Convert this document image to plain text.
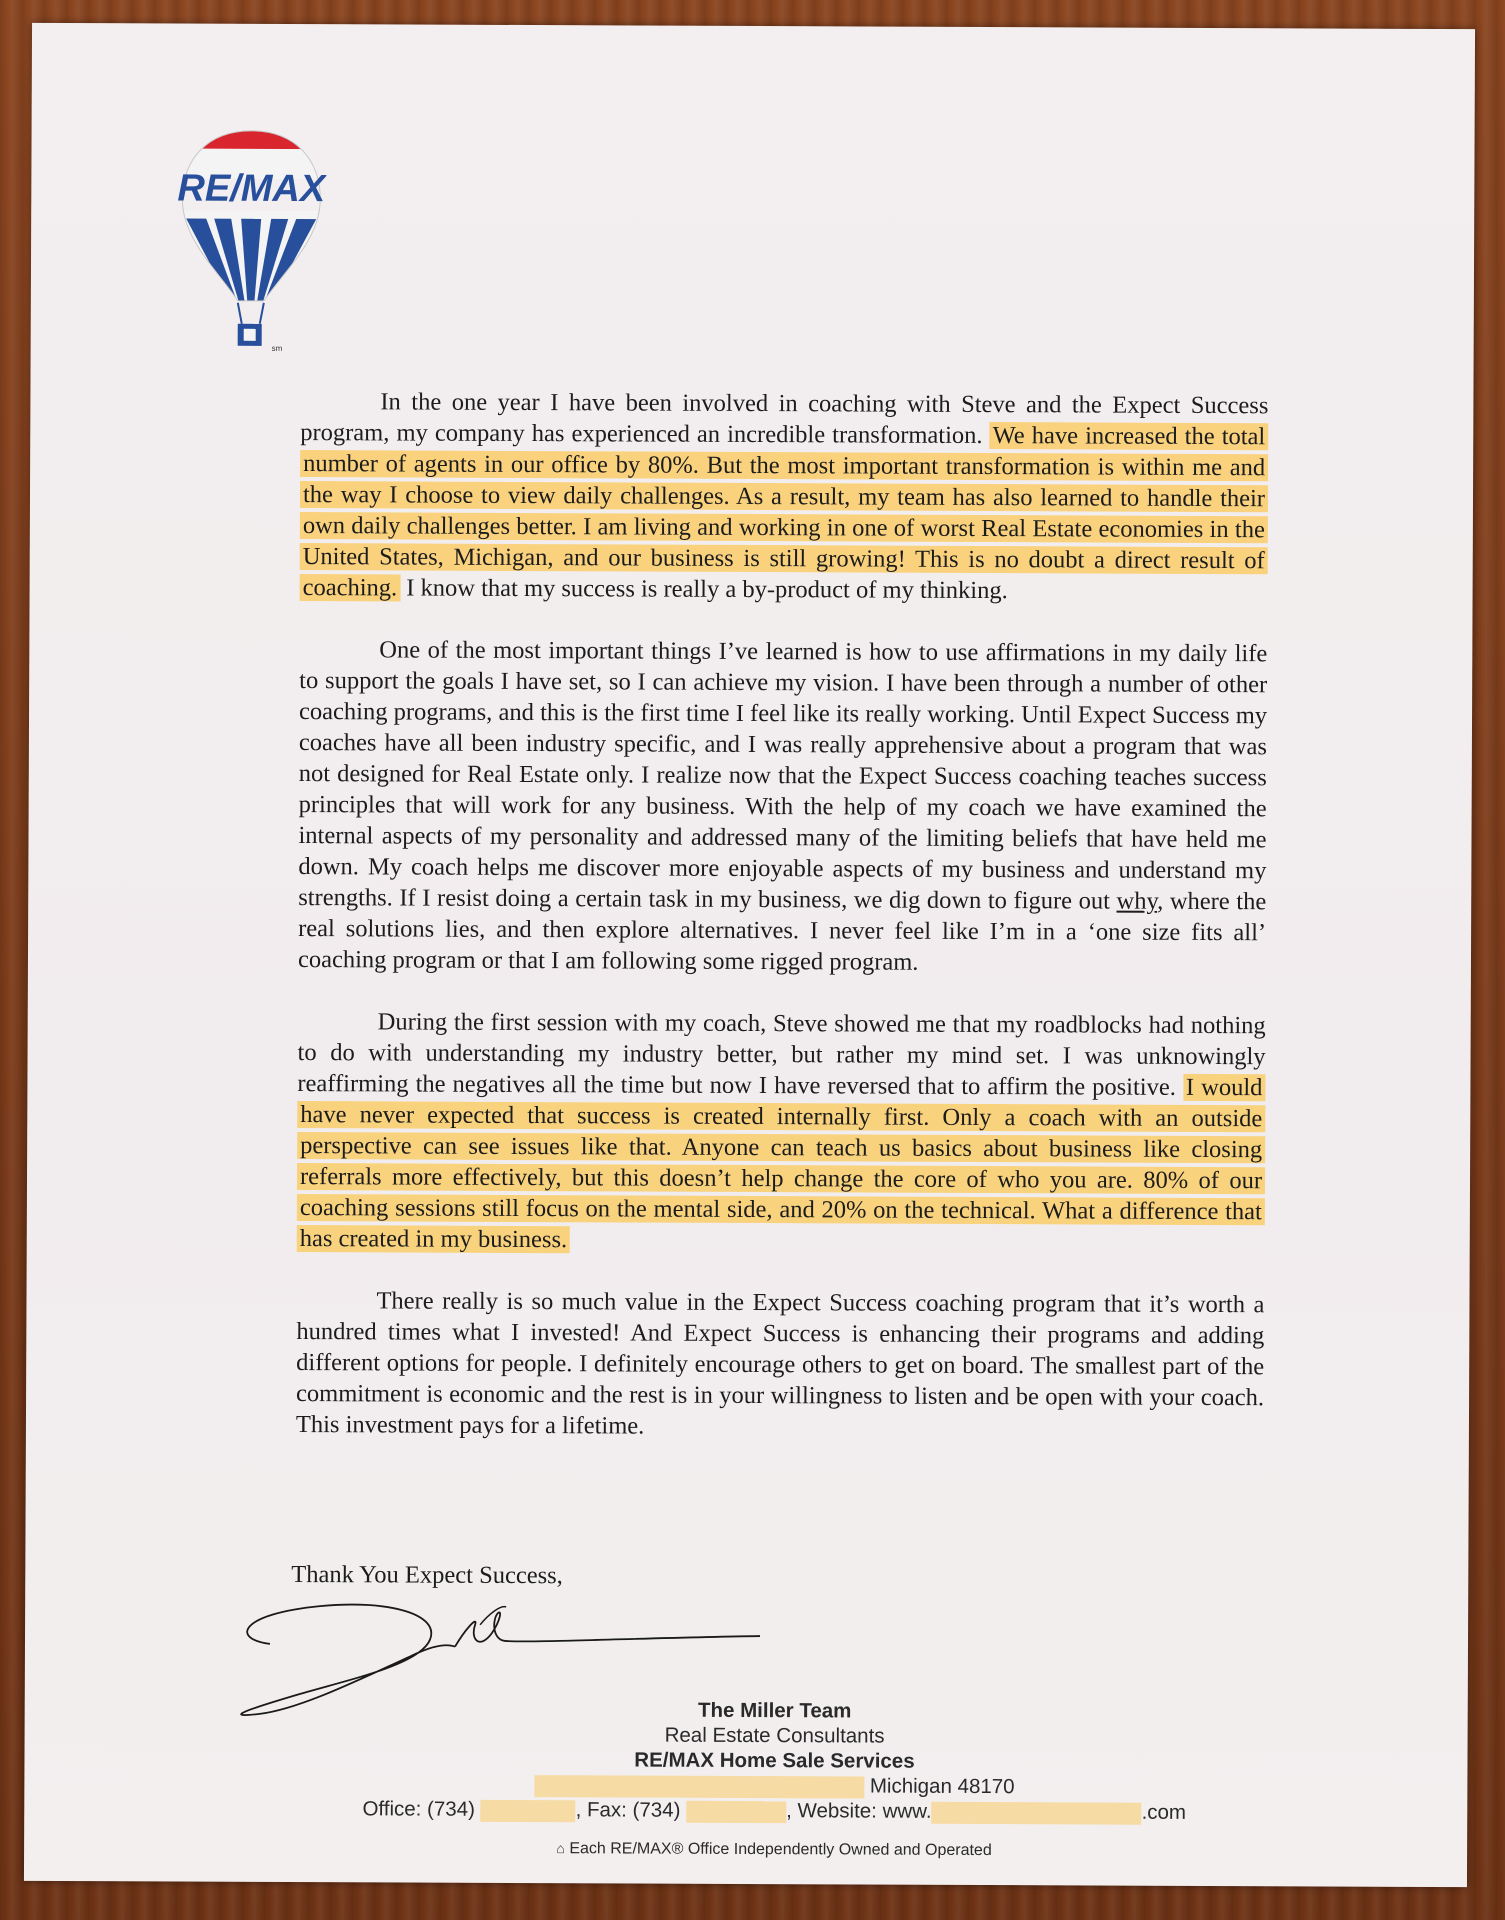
RE/MAX
sm

In the one year I have been involved in coaching with Steve and the Expect Success program, my company has experienced an incredible transformation. We have increased the total number of agents in our office by 80%. But the most important transformation is within me and the way I choose to view daily challenges. As a result, my team has also learned to handle their own daily challenges better. I am living and working in one of worst Real Estate economies in the United States, Michigan, and our business is still growing! This is no doubt a direct result of coaching. I know that my success is really a by-product of my thinking.

One of the most important things I’ve learned is how to use affirmations in my daily life to support the goals I have set, so I can achieve my vision. I have been through a number of other coaching programs, and this is the first time I feel like its really working. Until Expect Success my coaches have all been industry specific, and I was really apprehensive about a program that was not designed for Real Estate only. I realize now that the Expect Success coaching teaches success principles that will work for any business. With the help of my coach we have examined the internal aspects of my personality and addressed many of the limiting beliefs that have held me down. My coach helps me discover more enjoyable aspects of my business and understand my strengths. If I resist doing a certain task in my business, we dig down to figure out why, where the real solutions lies, and then explore alternatives. I never feel like I’m in a ‘one size fits all’ coaching program or that I am following some rigged program.

During the first session with my coach, Steve showed me that my roadblocks had nothing to do with understanding my industry better, but rather my mind set. I was unknowingly reaffirming the negatives all the time but now I have reversed that to affirm the positive. I would have never expected that success is created internally first. Only a coach with an outside perspective can see issues like that. Anyone can teach us basics about business like closing referrals more effectively, but this doesn’t help change the core of who you are. 80% of our coaching sessions still focus on the mental side, and 20% on the technical. What a difference that has created in my business.

There really is so much value in the Expect Success coaching program that it’s worth a hundred times what I invested! And Expect Success is enhancing their programs and adding different options for people. I definitely encourage others to get on board. The smallest part of the commitment is economic and the rest is in your willingness to listen and be open with your coach. This investment pays for a lifetime.

Thank You Expect Success,
The Miller Team
Real Estate Consultants
RE/MAX Home Sale Services
Michigan 48170
Office: (734)	, Fax: (734)	, Website: www.	.com
⌂ Each RE/MAX® Office Independently Owned and Operated
